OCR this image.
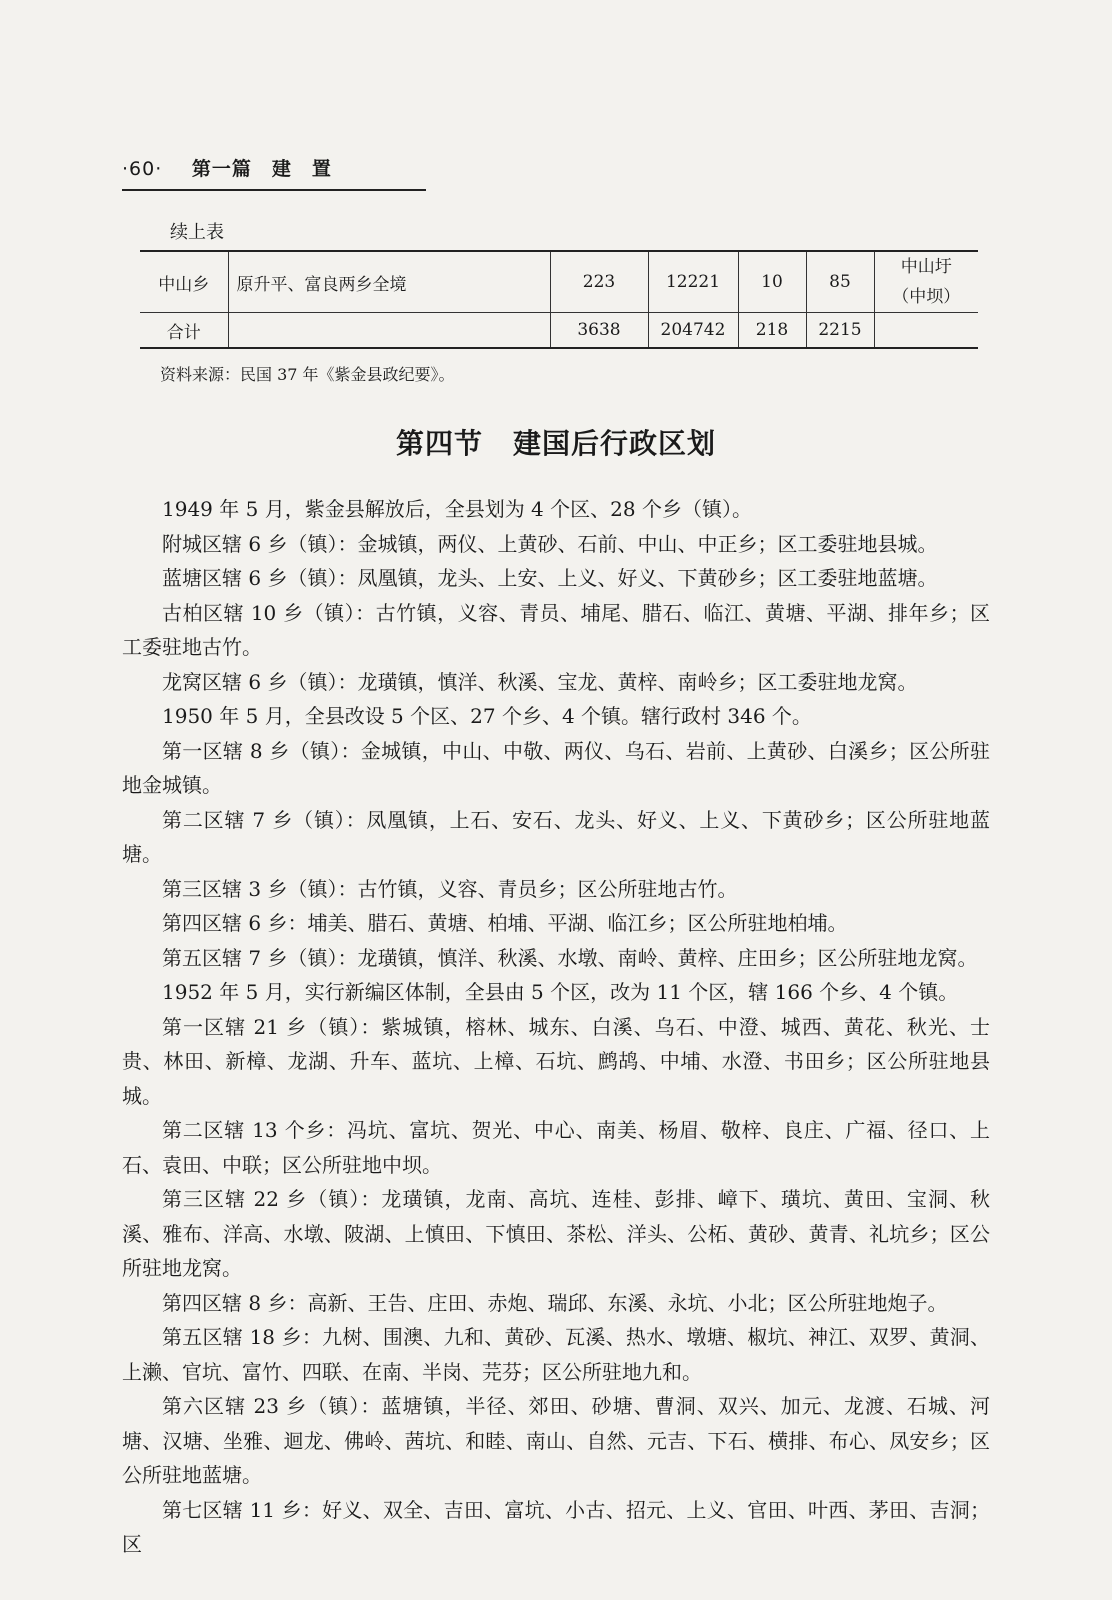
·60· 第一篇　建　置
续上表
中山乡	原升平、富良两乡全境	223	12221	10	85	中山圩
（中坝）
合计		3638	204742	218	2215	
资料来源：民国 37 年《紫金县政纪要》。
第四节 建国后行政区划

1949 年 5 月，紫金县解放后，全县划为 4 个区、28 个乡（镇）。

附城区辖 6 乡（镇）：金城镇，两仪、上黄砂、石前、中山、中正乡；区工委驻地县城。

蓝塘区辖 6 乡（镇）：凤凰镇，龙头、上安、上义、好义、下黄砂乡；区工委驻地蓝塘。

古柏区辖 10 乡（镇）：古竹镇，义容、青员、埔尾、腊石、临江、黄塘、平湖、排年乡；区工委驻地古竹。

龙窝区辖 6 乡（镇）：龙璜镇，慎洋、秋溪、宝龙、黄梓、南岭乡；区工委驻地龙窝。

1950 年 5 月，全县改设 5 个区、27 个乡、4 个镇。辖行政村 346 个。

第一区辖 8 乡（镇）：金城镇，中山、中敬、两仪、乌石、岩前、上黄砂、白溪乡；区公所驻地金城镇。

第二区辖 7 乡（镇）：凤凰镇，上石、安石、龙头、好义、上义、下黄砂乡；区公所驻地蓝塘。

第三区辖 3 乡（镇）：古竹镇，义容、青员乡；区公所驻地古竹。

第四区辖 6 乡：埔美、腊石、黄塘、柏埔、平湖、临江乡；区公所驻地柏埔。

第五区辖 7 乡（镇）：龙璜镇，慎洋、秋溪、水墩、南岭、黄梓、庄田乡；区公所驻地龙窝。

1952 年 5 月，实行新编区体制，全县由 5 个区，改为 11 个区，辖 166 个乡、4 个镇。

第一区辖 21 乡（镇）：紫城镇，榕林、城东、白溪、乌石、中澄、城西、黄花、秋光、士贵、林田、新樟、龙湖、升车、蓝坑、上樟、石坑、鹧鸪、中埔、水澄、书田乡；区公所驻地县城。

第二区辖 13 个乡：冯坑、富坑、贺光、中心、南美、杨眉、敬梓、良庄、广福、径口、上石、袁田、中联；区公所驻地中坝。

第三区辖 22 乡（镇）：龙璜镇，龙南、高坑、连桂、彭排、嶂下、璜坑、黄田、宝洞、秋溪、雅布、洋高、水墩、陂湖、上慎田、下慎田、茶松、洋头、公柘、黄砂、黄青、礼坑乡；区公所驻地龙窝。

第四区辖 8 乡：高新、王告、庄田、赤炮、瑞邱、东溪、永坑、小北；区公所驻地炮子。

第五区辖 18 乡：九树、围澳、九和、黄砂、瓦溪、热水、墩塘、椒坑、神江、双罗、黄洞、上濑、官坑、富竹、四联、在南、半岗、芫芬；区公所驻地九和。

第六区辖 23 乡（镇）：蓝塘镇，半径、郊田、砂塘、曹洞、双兴、加元、龙渡、石城、河塘、汉塘、坐雅、迴龙、佛岭、茜坑、和睦、南山、自然、元吉、下石、横排、布心、凤安乡；区公所驻地蓝塘。

第七区辖 11 乡：好义、双全、吉田、富坑、小古、招元、上义、官田、叶西、茅田、吉洞；区
